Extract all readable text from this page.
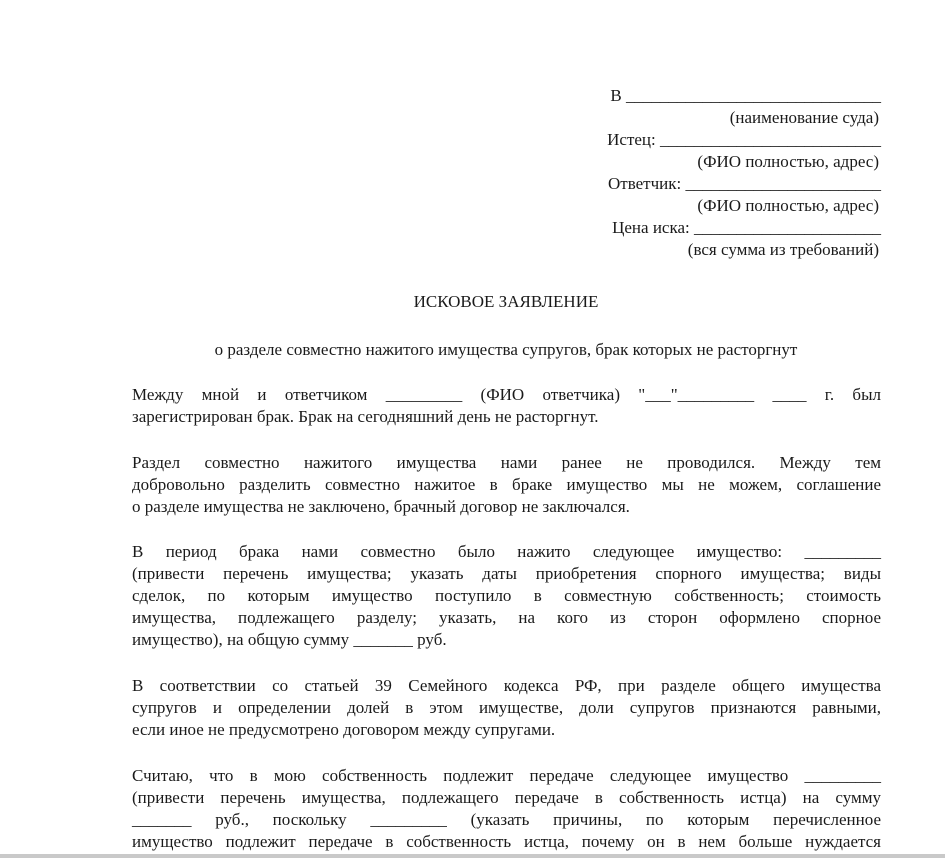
В ______________________________
(наименование суда)
Истец: __________________________
(ФИО полностью, адрес)
Ответчик: _______________________
(ФИО полностью, адрес)
Цена иска: ______________________
(вся сумма из требований)
ИСКОВОЕ ЗАЯВЛЕНИЕ
о разделе совместно нажитого имущества супругов, брак которых не расторгнут
Между мной и ответчиком _________ (ФИО ответчика) "___"_________ ____ г. был
зарегистрирован брак. Брак на сегодняшний день не расторгнут.
Раздел совместно нажитого имущества нами ранее не проводился. Между тем
добровольно разделить совместно нажитое в браке имущество мы не можем, соглашение
о разделе имущества не заключено, брачный договор не заключался.
В период брака нами совместно было нажито следующее имущество: _________
(привести перечень имущества; указать даты приобретения спорного имущества; виды
сделок, по которым имущество поступило в совместную собственность; стоимость
имущества, подлежащего разделу; указать, на кого из сторон оформлено спорное
имущество), на общую сумму _______ руб.
В соответствии со статьей 39 Семейного кодекса РФ, при разделе общего имущества
супругов и определении долей в этом имуществе, доли супругов признаются равными,
если иное не предусмотрено договором между супругами.
Считаю, что в мою собственность подлежит передаче следующее имущество _________
(привести перечень имущества, подлежащего передаче в собственность истца) на сумму
_______ руб., поскольку _________ (указать причины, по которым перечисленное
имущество подлежит передаче в собственность истца, почему он в нем больше нуждается
